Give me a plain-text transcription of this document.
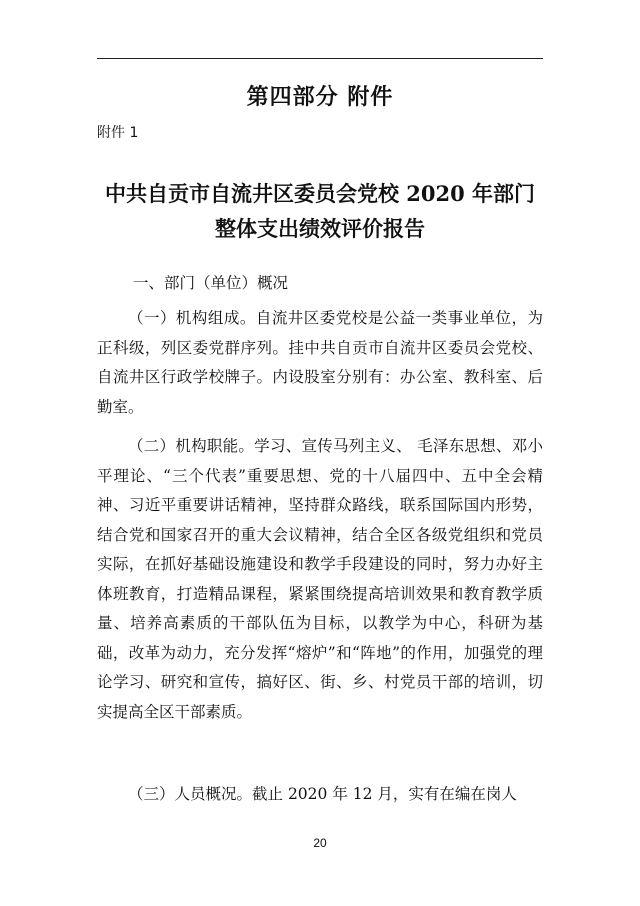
第四部分 附件
附件 1
中共自贡市自流井区委员会党校 2020 年部门整体支出绩效评价报告
一、部门（单位）概况

（一）机构组成。自流井区委党校是公益一类事业单位，为正科级，列区委党群序列。挂中共自贡市自流井区委员会党校、自流井区行政学校牌子。内设股室分别有：办公室、教科室、后勤室。

（二）机构职能。学习、宣传马列主义、 毛泽东思想、邓小平理论、“三个代表”重要思想、党的十八届四中、五中全会精神、习近平重要讲话精神，坚持群众路线，联系国际国内形势，结合党和国家召开的重大会议精神，结合全区各级党组织和党员实际，在抓好基础设施建设和教学手段建设的同时，努力办好主体班教育，打造精品课程，紧紧围绕提高培训效果和教育教学质量、培养高素质的干部队伍为目标，以教学为中心，科研为基础，改革为动力，充分发挥“熔炉”和“阵地”的作用，加强党的理论学习、研究和宣传，搞好区、街、乡、村党员干部的培训，切实提高全区干部素质。

（三）人员概况。截止 2020 年 12 月，实有在编在岗人

20
